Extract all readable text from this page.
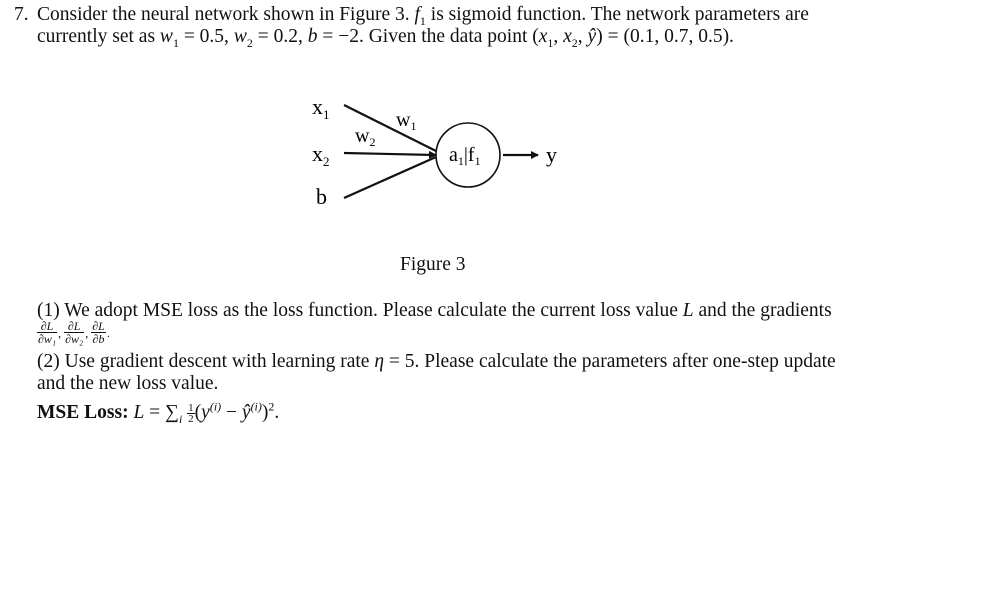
7. Consider the neural network shown in Figure 3. $f_1$ is sigmoid function. The network parameters are
currently set as $w_1 = 0.5$, $w_2 = 0.2$, b = −2. Given the data point ($x_1$, $x_2$, ŷ) = (0.1, 0.7, 0.5).
$x_1$
$x_2$
b
$w_1$
$w_2$
$a_1|f_1$	y
Figure 3
(1) We adopt MSE loss as the loss function. Please calculate the current loss value L and the gradients
$\frac{\partial L}{\text{∂w₁}}$ , $\frac{\partial L}{\text{∂w₂}}$ , $\frac{\partial L}{\partial b}$ .
(2) Use gradient descent with learning rate η = 5. Please calculate the parameters after one-step update
and the new loss value.
MSE Loss: $L = \sum_i \frac{1}{2} (y^{(i)}$ − $ŷ^{(i)})^2$.
